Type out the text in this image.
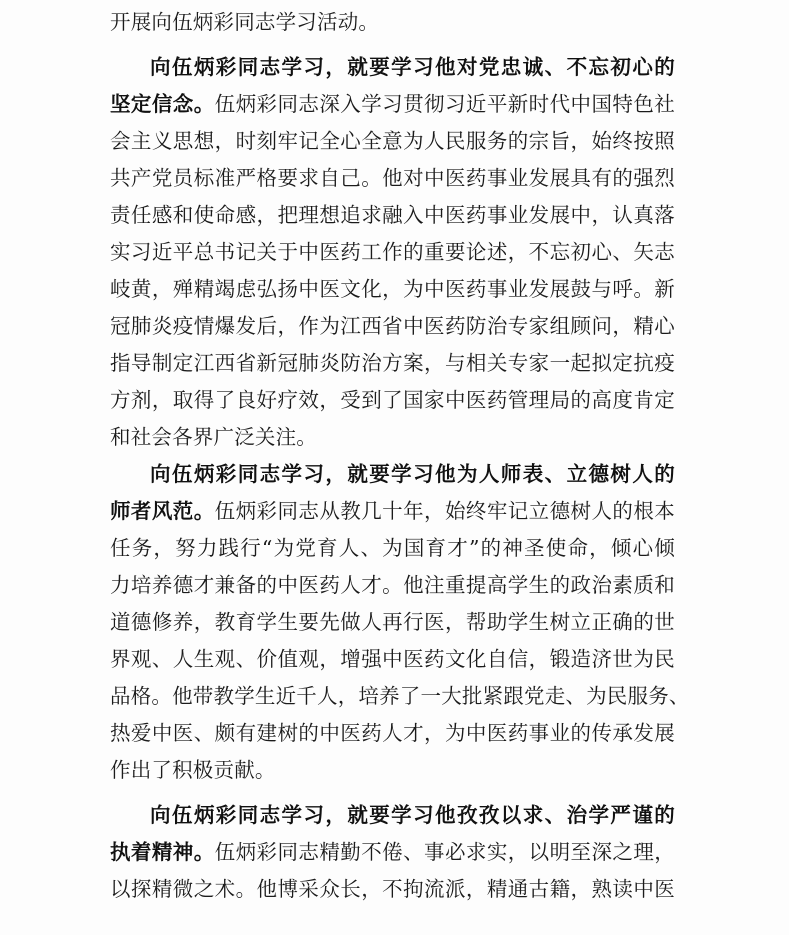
开展向伍炳彩同志学习活动。
向伍炳彩同志学习，就要学习他对党忠诚、不忘初心的
坚定信念。伍炳彩同志深入学习贯彻习近平新时代中国特色社
会主义思想，时刻牢记全心全意为人民服务的宗旨，始终按照
共产党员标准严格要求自己。他对中医药事业发展具有的强烈
责任感和使命感，把理想追求融入中医药事业发展中，认真落
实习近平总书记关于中医药工作的重要论述，不忘初心、矢志
岐黄，殚精竭虑弘扬中医文化，为中医药事业发展鼓与呼。新
冠肺炎疫情爆发后，作为江西省中医药防治专家组顾问，精心
指导制定江西省新冠肺炎防治方案，与相关专家一起拟定抗疫
方剂，取得了良好疗效，受到了国家中医药管理局的高度肯定
和社会各界广泛关注。
向伍炳彩同志学习，就要学习他为人师表、立德树人的
师者风范。伍炳彩同志从教几十年，始终牢记立德树人的根本
任务，努力践行“为党育人、为国育才”的神圣使命，倾心倾
力培养德才兼备的中医药人才。他注重提高学生的政治素质和
道德修养，教育学生要先做人再行医，帮助学生树立正确的世
界观、人生观、价值观，增强中医药文化自信，锻造济世为民
品格。他带教学生近千人，培养了一大批紧跟党走、为民服务、
热爱中医、颇有建树的中医药人才，为中医药事业的传承发展
作出了积极贡献。
向伍炳彩同志学习，就要学习他孜孜以求、治学严谨的
执着精神。伍炳彩同志精勤不倦、事必求实，以明至深之理，
以探精微之术。他博采众长，不拘流派，精通古籍，熟读中医
